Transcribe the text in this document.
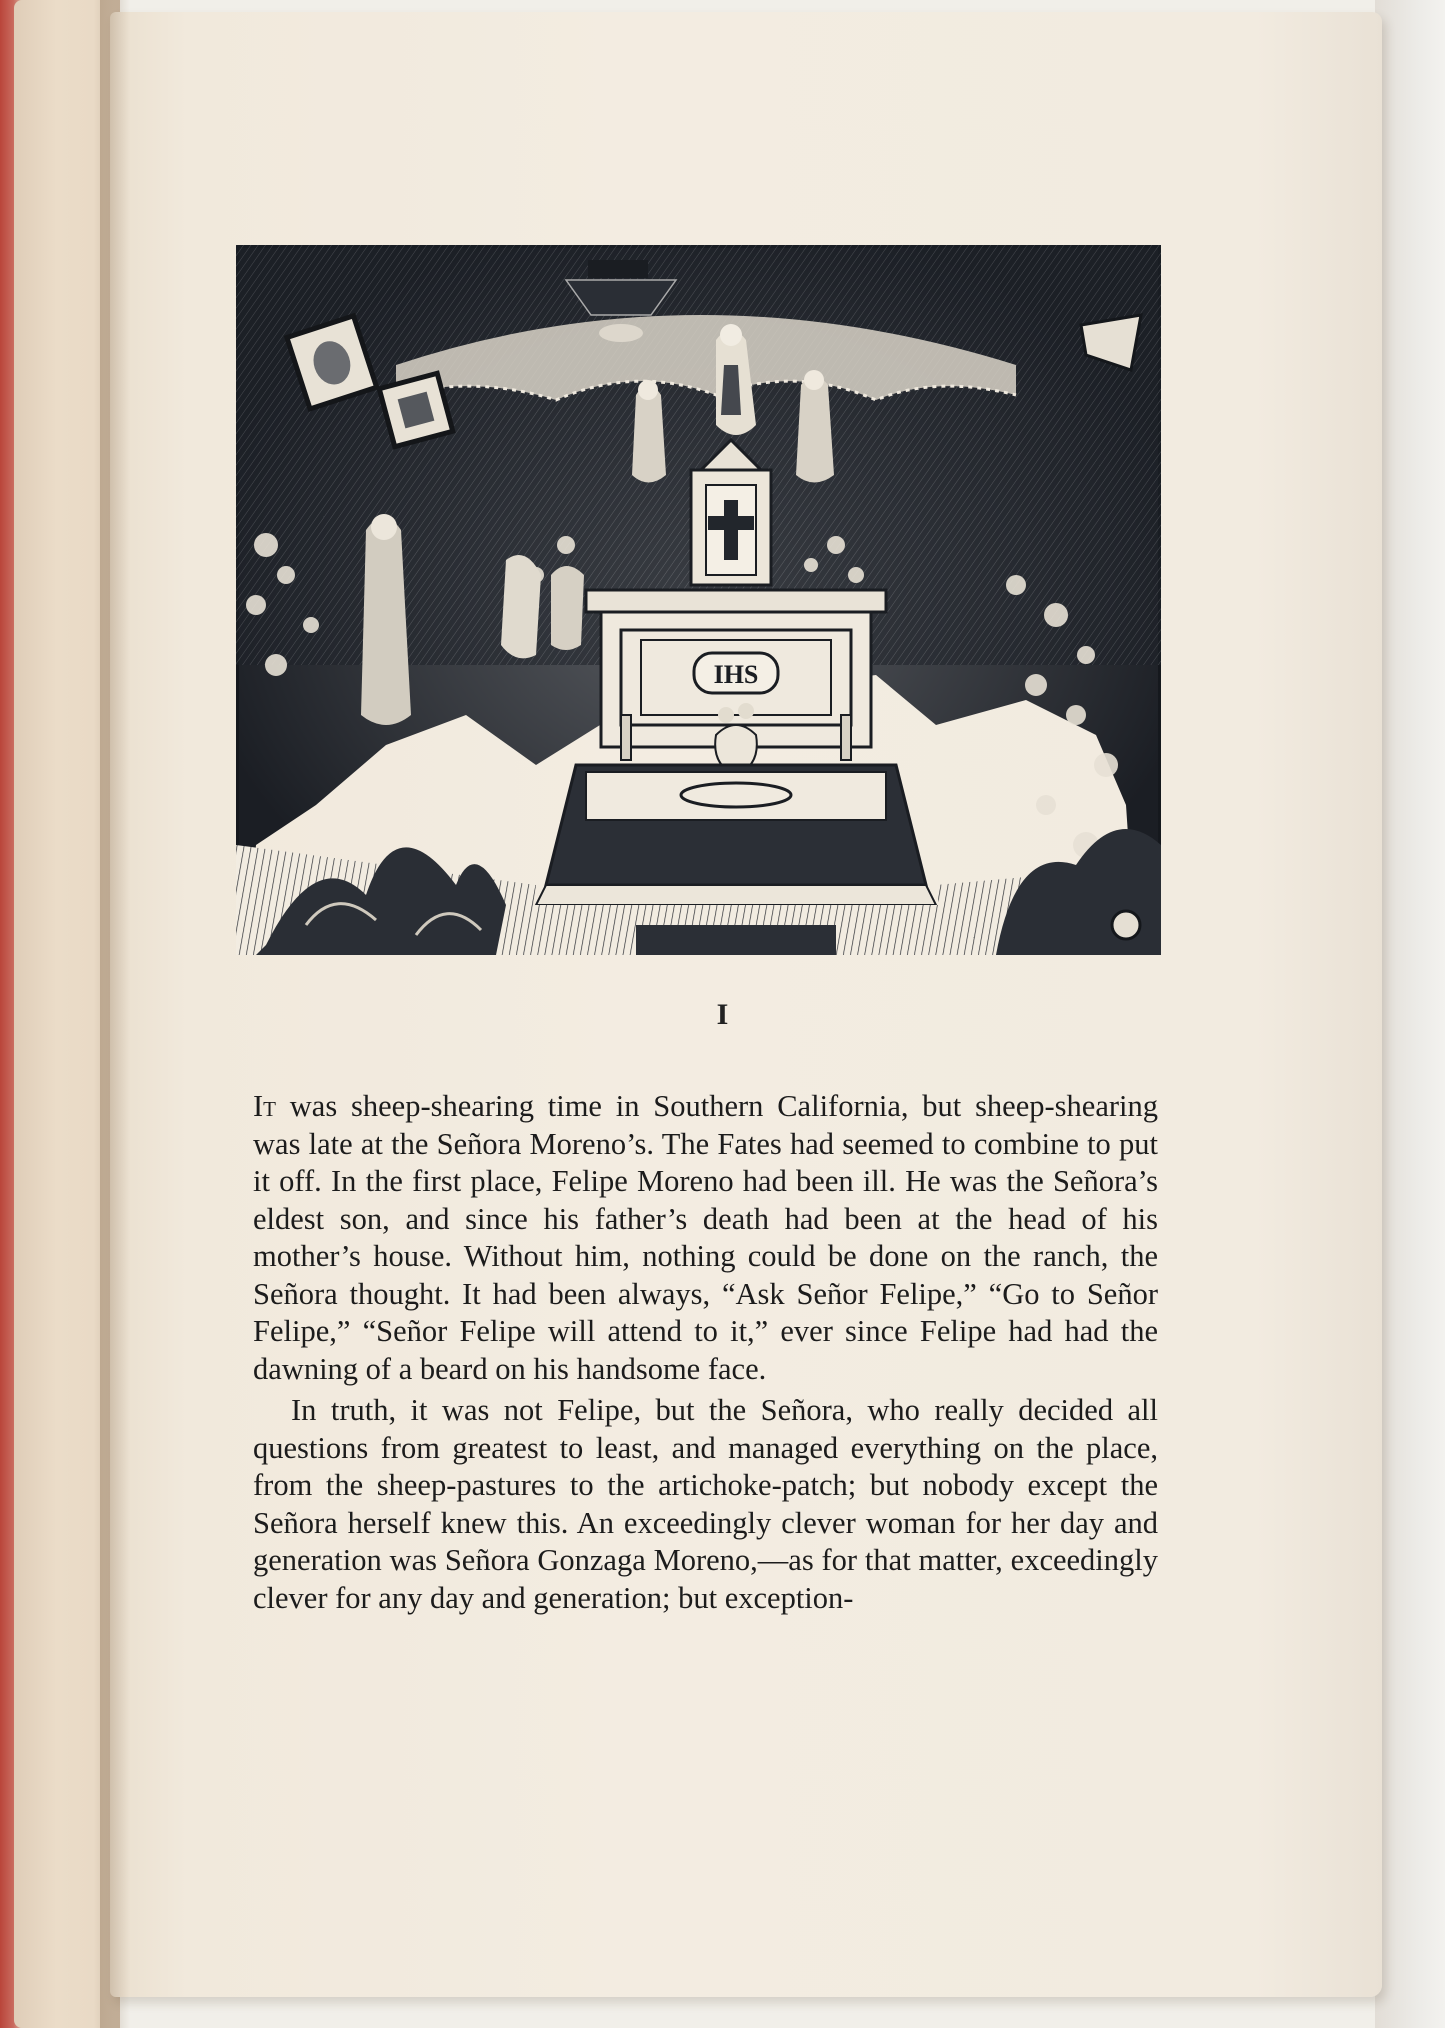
IHS
I

It was sheep-shearing time in Southern California, but sheep-shearing was late at the Señora Moreno’s. The Fates had seemed to combine to put it off. In the first place, Felipe Moreno had been ill. He was the Señora’s eldest son, and since his father’s death had been at the head of his mother’s house. Without him, nothing could be done on the ranch, the Señora thought. It had been always, “Ask Señor Felipe,” “Go to Señor Felipe,” “Señor Felipe will attend to it,” ever since Felipe had had the dawning of a beard on his handsome face.

In truth, it was not Felipe, but the Señora, who really decided all questions from greatest to least, and managed everything on the place, from the sheep-pastures to the artichoke-patch; but nobody except the Señora herself knew this. An exceedingly clever woman for her day and generation was Señora Gonzaga Moreno,—as for that matter, exceedingly clever for any day and generation; but exception-
